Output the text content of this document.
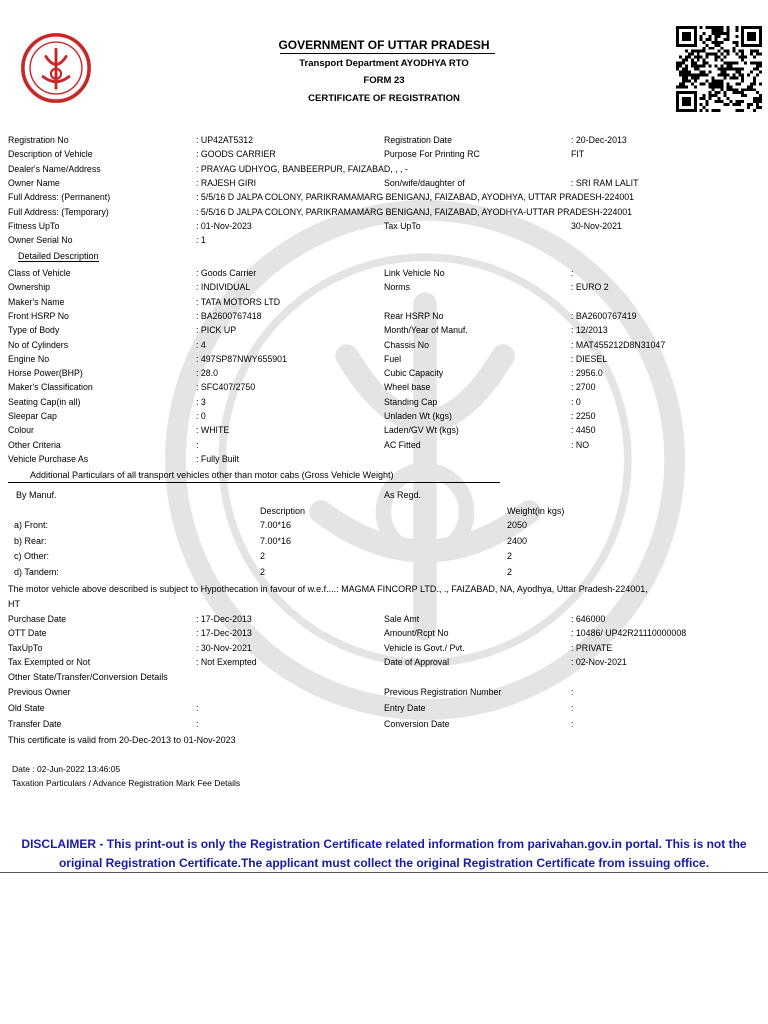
GOVERNMENT OF UTTAR PRADESH
Transport Department AYODHYA RTO
FORM 23
CERTIFICATE OF REGISTRATION
Registration No	: UP42AT5312	Registration Date	: 20-Dec-2013
Description of Vehicle	: GOODS CARRIER	Purpose For Printing RC	FIT
Dealer's Name/Address	: PRAYAG UDHYOG, BANBEERPUR, FAIZABAD, , , -
Owner Name	: RAJESH GIRI	Son/wife/daughter of	: SRI RAM LALIT
Full Address: (Permanent)	: 5/5/16 D JALPA COLONY, PARIKRAMAMARG BENIGANJ, FAIZABAD, AYODHYA, UTTAR PRADESH-224001
Full Address: (Temporary)	: 5/5/16 D JALPA COLONY, PARIKRAMAMARG BENIGANJ, FAIZABAD, AYODHYA-UTTAR PRADESH-224001
Fitness UpTo	: 01-Nov-2023	Tax UpTo	30-Nov-2021
Owner Serial No	: 1
Detailed Description
Class of Vehicle	: Goods Carrier	Link Vehicle No	:
Ownership	: INDIVIDUAL	Norms	: EURO 2
Maker's Name	: TATA MOTORS LTD
Front HSRP No	: BA2600767418	Rear HSRP No	: BA2600767419
Type of Body	: PICK UP	Month/Year of Manuf.	: 12/2013
No of Cylinders	: 4	Chassis No	: MAT455212D8N31047
Engine No	: 497SP87NWY655901	Fuel	: DIESEL
Horse Power(BHP)	: 28.0	Cubic Capacity	: 2956.0
Maker's Classification	: SFC407/2750	Wheel base	: 2700
Seating Cap(in all)	: 3	Standing Cap	: 0
Sleepar Cap	: 0	Unladen Wt (kgs)	: 2250
Colour	: WHITE	Laden/GV Wt (kgs)	: 4450
Other Criteria	:	AC Fitted	: NO
Vehicle Purchase As	: Fully Built
Additional Particulars of all transport vehicles other than motor cabs (Gross Vehicle Weight)
By Manuf.	As Regd.
Description	Weight(in kgs)
a) Front:	7.00*16	2050
b) Rear:	7.00*16	2400
c) Other:	2	2
d) Tandem:	2	2
The motor vehicle above described is subject to Hypothecation in favour of w.e.f....: MAGMA FINCORP LTD., ., FAIZABAD, NA, Ayodhya, Uttar Pradesh-224001,
HT
Purchase Date	: 17-Dec-2013	Sale Amt	: 646000
OTT Date	: 17-Dec-2013	Amount/Rcpt No	: 10486/ UP42R21110000008
TaxUpTo	: 30-Nov-2021	Vehicle is Govt./ Pvt.	: PRIVATE
Tax Exempted or Not	: Not Exempted	Date of Approval	: 02-Nov-2021
Other State/Transfer/Conversion Details
Previous Owner	Previous Registration Number	:
Old State	:	Entry Date	:
Transfer Date	:	Conversion Date	:
This certificate is valid from 20-Dec-2013 to 01-Nov-2023
Date : 02-Jun-2022 13:46:05
Taxation Particulars / Advance Registration Mark Fee Details
DISCLAIMER - This print-out is only the Registration Certificate related information from parivahan.gov.in portal. This is not the
original Registration Certificate.The applicant must collect the original Registration Certificate from issuing office.
